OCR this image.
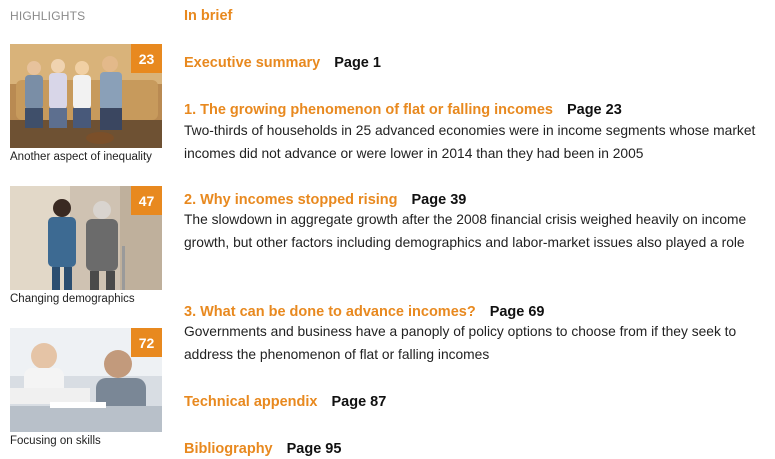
HIGHLIGHTS
23
Another aspect of inequality
47
Changing demographics
72
Focusing on skills
In brief
Executive summary Page 1
1. The growing phenomenon of flat or falling incomes Page 23
Two-thirds of households in 25 advanced economies were in income segments whose market incomes did not advance or were lower in 2014 than they had been in 2005
2. Why incomes stopped rising Page 39
The slowdown in aggregate growth after the 2008 financial crisis weighed heavily on income growth, but other factors including demographics and labor-market issues also played a role
3. What can be done to advance incomes? Page 69
Governments and business have a panoply of policy options to choose from if they seek to address the phenomenon of flat or falling incomes
Technical appendix Page 87
Bibliography Page 95
